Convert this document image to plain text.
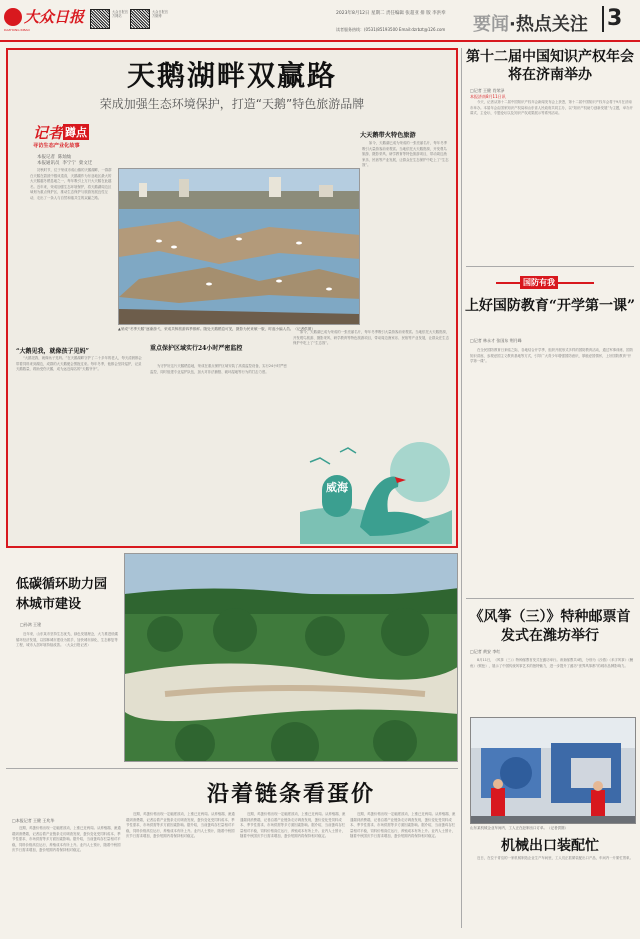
大众日报
DAZHONG RIBAO
大众日报官方网站
大众日报官方微博	2023年8月12日 星期二 责任编辑 张超亚 排 版 李洪奉
读者服务热线：(0531)85193500 Email:dzrbzt@126.com 要闻·热点关注 3
天鹅湖畔双赢路
荣成加强生态环境保护，打造“天鹅”特色旅游品牌
记者 蹲点
寻访生态产业化故事
本报记者  陈灿灿
本报通讯员  李宁宁  栾文迁
初秋时节，位于荣成市成山镇的天鹅湖畔，一群群白天鹅在碧波中嬉戏觅食，天鹅湖作为东亚地区最大的大天鹅越冬栖息地之一，每年吸引上万只大天鹅在此越冬。近年来，荣成加强生态环境保护，将天鹅湖周边区域划为重点保护区，推动生态保护与旅游发展良性互动，走出了一条人与自然和谐共生的双赢之路。
▲荣成“冬季天鹅”逐渐游弋，荣成共铸旅游四季都鲜。随处天鹅栖息可见，摄影为民来赋一版，时逛小编人员。（记者供图）
如今，天鹅湖已成为荣成的一张亮丽名片，每年冬季吸引大量游客前来观赏。当地依托大天鹅资源，开发观鸟旅游、摄影采风、研学教育等特色旅游项目，带动周边渔家乐、民宿等产业发展，让群众在生态保护中吃上了“生态饭”。
大天鹅带火特色旅游
“大鹅见我，就像孩子见妈”
“大鹅见我，就像孩子见妈。”在天鹅湖畔守护了二十多年的老人，每天清晨都会带着饲料来到湖边，成群的大天鹅便会围拢过来。每年冬季，他都会坚持巡护，记录天鹅数量，救助受伤天鹅，成为远近闻名的“天鹅爷爷”。
重点保护区域实行24小时严密监控
为守护好这片天鹅栖息地，荣成在重点保护区域安装了高清监控设备，实行24小时严密监控，同时组建专业巡护队伍，加大对非法捕猎、破坏湿地等行为的打击力度。
如今，天鹅湖已成为荣成的一张亮丽名片，每年冬季吸引大量游客前来观赏。当地依托大天鹅资源，开发观鸟旅游、摄影采风、研学教育等特色旅游项目，带动周边渔家乐、民宿等产业发展，让群众在生态保护中吃上了“生态饭”。
威海
第十二届中国知识产权年会将在济南举办
□记者 王健 肖荣泽
本报济南8月11日讯
今天，记者从第十二届中国知识产权年会新闻发布会上获悉，第十二届中国知识产权年会将于9月在济南市举办。本届年会由国家知识产权局和山东省人民政府共同主办，以“知识产权助力创新发展”为主题，举办开幕式、主论坛、专题论坛以及知识产权成果展示等系列活动。
国防有我
上好国防教育“开学第一课”
□记者 林永才 张国东 荆月峰
在全民国防教育日来临之际，各地结合开学季，组织开展形式多样的国防教育活动，通过军事训练、国防知识讲座、参观爱国主义教育基地等方式，引导广大青少年增强国防意识，厚植爱国情怀，上好国防教育“开学第一课”。
《风筝（三）》特种邮票首发式在潍坊举行
□记者 黄安 李红
8月11日，《风筝（三）》特种邮票首发式在潍坊举行。该套邮票共4枚，分别为《沙燕》《米字风筝》《鲤鱼》《蜈蚣》，展示了中国传统风筝艺术的独特魅力，进一步提升了潍坊“世界风筝都”的城市品牌影响力。
山东某机械企业车间内，工人正在赶制出口订单。（记者供图）
机械出口装配忙
近日，在位于青岛的一家机械制造企业生产车间里，工人们正抓紧装配出口产品，车间内一片繁忙景象。
低碳循环助力园林城市建设
□孙鸿 王建
近年来，山东某市坚持生态优先、绿色发展理念，大力推进低碳循环经济发展，以园林城市建设为抓手，加快城市绿化、生态修复等工程，城市人居环境持续改善。（大众日报记者）
沿着链条看蛋价
□本报记者 王健 王兆华
近期，鸡蛋价格出现一定幅度波动，上涨已近两周。从养殖端、流通端到消费端，记者沿着产业链条走访调查发现，蛋价变化受饲料成本、季节性需求、市场供需等多方面因素影响。据介绍，当前蛋鸡存栏量相对平稳，饲料价格高位运行，养殖成本有所上升。业内人士预计，随着中秋国庆节日需求增加，蛋价短期内将保持相对稳定。
近期，鸡蛋价格出现一定幅度波动，上涨已近两周。从养殖端、流通端到消费端，记者沿着产业链条走访调查发现，蛋价变化受饲料成本、季节性需求、市场供需等多方面因素影响。据介绍，当前蛋鸡存栏量相对平稳，饲料价格高位运行，养殖成本有所上升。业内人士预计，随着中秋国庆节日需求增加，蛋价短期内将保持相对稳定。
近期，鸡蛋价格出现一定幅度波动，上涨已近两周。从养殖端、流通端到消费端，记者沿着产业链条走访调查发现，蛋价变化受饲料成本、季节性需求、市场供需等多方面因素影响。据介绍，当前蛋鸡存栏量相对平稳，饲料价格高位运行，养殖成本有所上升。业内人士预计，随着中秋国庆节日需求增加，蛋价短期内将保持相对稳定。
近期，鸡蛋价格出现一定幅度波动，上涨已近两周。从养殖端、流通端到消费端，记者沿着产业链条走访调查发现，蛋价变化受饲料成本、季节性需求、市场供需等多方面因素影响。据介绍，当前蛋鸡存栏量相对平稳，饲料价格高位运行，养殖成本有所上升。业内人士预计，随着中秋国庆节日需求增加，蛋价短期内将保持相对稳定。
